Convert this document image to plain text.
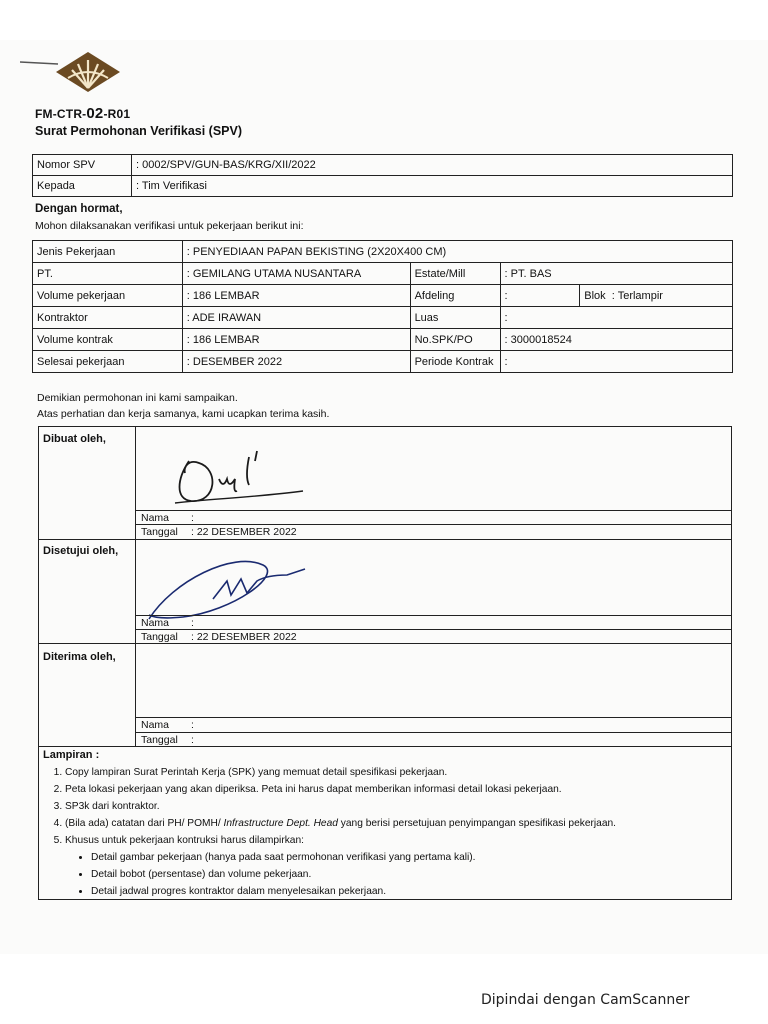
FM-CTR-02-R01
Surat Permohonan Verifikasi (SPV)
Nomor SPV	: 0002/SPV/GUN-BAS/KRG/XII/2022
Kepada	: Tim Verifikasi
Dengan hormat,
Mohon dilaksanakan verifikasi untuk pekerjaan berikut ini:
Jenis Pekerjaan	: PENYEDIAAN PAPAN BEKISTING (2X20X400 CM)			
PT.	: GEMILANG UTAMA NUSANTARA	Estate/Mill	: PT. BAS	
Volume pekerjaan	: 186 LEMBAR	Afdeling	:	Blok : Terlampir
Kontraktor	: ADE IRAWAN	Luas	:	
Volume kontrak	: 186 LEMBAR	No.SPK/PO	: 3000018524	
Selesai pekerjaan	: DESEMBER 2022	Periode Kontrak	:	
Demikian permohonan ini kami sampaikan.
Atas perhatian dan kerja samanya, kami ucapkan terima kasih.
Dibuat oleh,
Nama :
Tanggal : 22 DESEMBER 2022
Disetujui oleh,
Nama :
Tanggal : 22 DESEMBER 2022
Diterima oleh,
Nama :
Tanggal :
Lampiran :
1. Copy lampiran Surat Perintah Kerja (SPK) yang memuat detail spesifikasi pekerjaan.
2. Peta lokasi pekerjaan yang akan diperiksa. Peta ini harus dapat memberikan informasi detail lokasi pekerjaan.
3. SP3k dari kontraktor.
4. (Bila ada) catatan dari PH/ POMH/ Infrastructure Dept. Head yang berisi persetujuan penyimpangan spesifikasi pekerjaan.
5. Khusus untuk pekerjaan kontruksi harus dilampirkan:
• Detail gambar pekerjaan (hanya pada saat permohonan verifikasi yang pertama kali).
• Detail bobot (persentase) dan volume pekerjaan.
• Detail jadwal progres kontraktor dalam menyelesaikan pekerjaan.
Dipindai dengan CamScanner
